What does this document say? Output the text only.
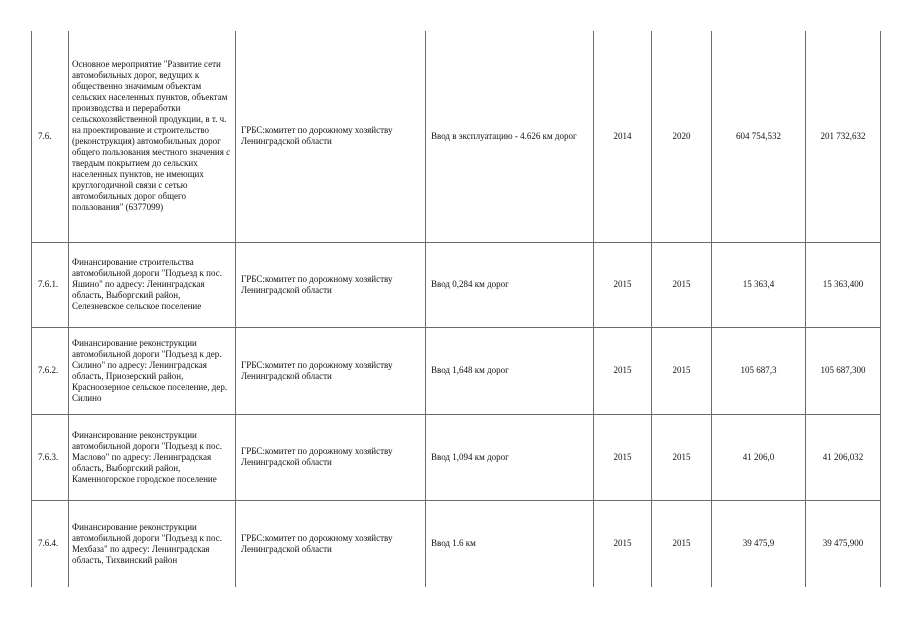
7.6.	Основное мероприятие "Развитие сети автомобильных дорог, ведущих к общественно значимым объектам сельских населенных пунктов, объектам производства и переработки сельскохозяйственной продукции, в т. ч. на проектирование и строительство (реконструкция) автомобильных дорог общего пользования местного значения с твердым покрытием до сельских населенных пунктов, не имеющих круглогодичной связи с сетью автомобильных дорог общего пользования" (6377099)	ГРБС:комитет по дорожному хозяйству Ленинградской области	Ввод в эксплуатацию - 4.626 км дорог	2014	2020	604 754,532	201 732,632
7.6.1.	Финансирование строительства автомобильной дороги "Подъезд к пос. Яшино" по адресу: Ленинградская область, Выборгский район, Селезневское сельское поселение	ГРБС:комитет по дорожному хозяйству Ленинградской области	Ввод 0,284 км дорог	2015	2015	15 363,4	15 363,400
7.6.2.	Финансирование реконструкции автомобильной дороги "Подъезд к дер. Силино" по адресу: Ленинградская область, Приозерский район, Красноозерное сельское поселение, дер. Силино	ГРБС:комитет по дорожному хозяйству Ленинградской области	Ввод 1,648 км дорог	2015	2015	105 687,3	105 687,300
7.6.3.	Финансирование реконструкции автомобильной дороги "Подъезд к пос. Маслово" по адресу: Ленинградская область, Выборгский район, Каменногорское городское поселение	ГРБС:комитет по дорожному хозяйству Ленинградской области	Ввод 1,094 км дорог	2015	2015	41 206,0	41 206,032
7.6.4.	Финансирование реконструкции автомобильной дороги "Подъезд к пос. Мехбаза" по адресу: Ленинградская область, Тихвинский район	ГРБС:комитет по дорожному хозяйству Ленинградской области	Ввод 1.6 км	2015	2015	39 475,9	39 475,900
